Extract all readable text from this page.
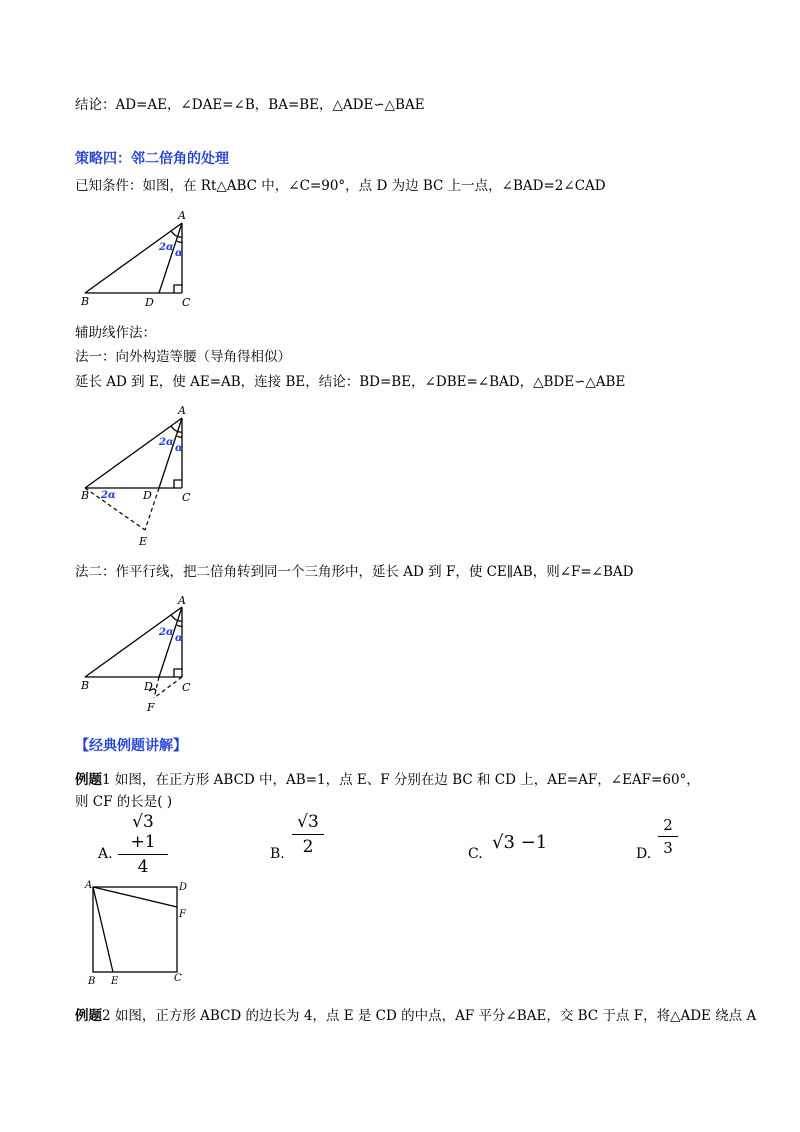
结论：AD=AE，∠DAE=∠B，BA=BE，△ADE∽△BAE
策略四：邻二倍角的处理
已知条件：如图，在 Rt△ABC 中，∠C=90°，点 D 为边 BC 上一点，∠BAD=2∠CAD
A
B	D	C
2α
α
辅助线作法：
法一：向外构造等腰（导角得相似）
延长 AD 到 E，使 AE=AB，连接 BE，结论：BD=BE，∠DBE=∠BAD，△BDE∽△ABE
A
B	D	C
E
2α
α
2α
法二：作平行线，把二倍角转到同一个三角形中，延长 AD 到 F，使 CE∥AB，则∠F=∠BAD
A
B	D	C
F
2α
α
【经典例题讲解】
例题1 如图，在正方形 ABCD 中，AB=1，点 E、F 分别在边 BC 和 CD 上，AE=AF，∠EAF=60°，
则 CF 的长是( )
A.
√3 +1
4
B.
√3
2	C.
√3 −1
D.
2
3
A	D
F
B E	C
例题2 如图，正方形 ABCD 的边长为 4，点 E 是 CD 的中点，AF 平分∠BAE，交 BC 于点 F，将△ADE 绕点 A
